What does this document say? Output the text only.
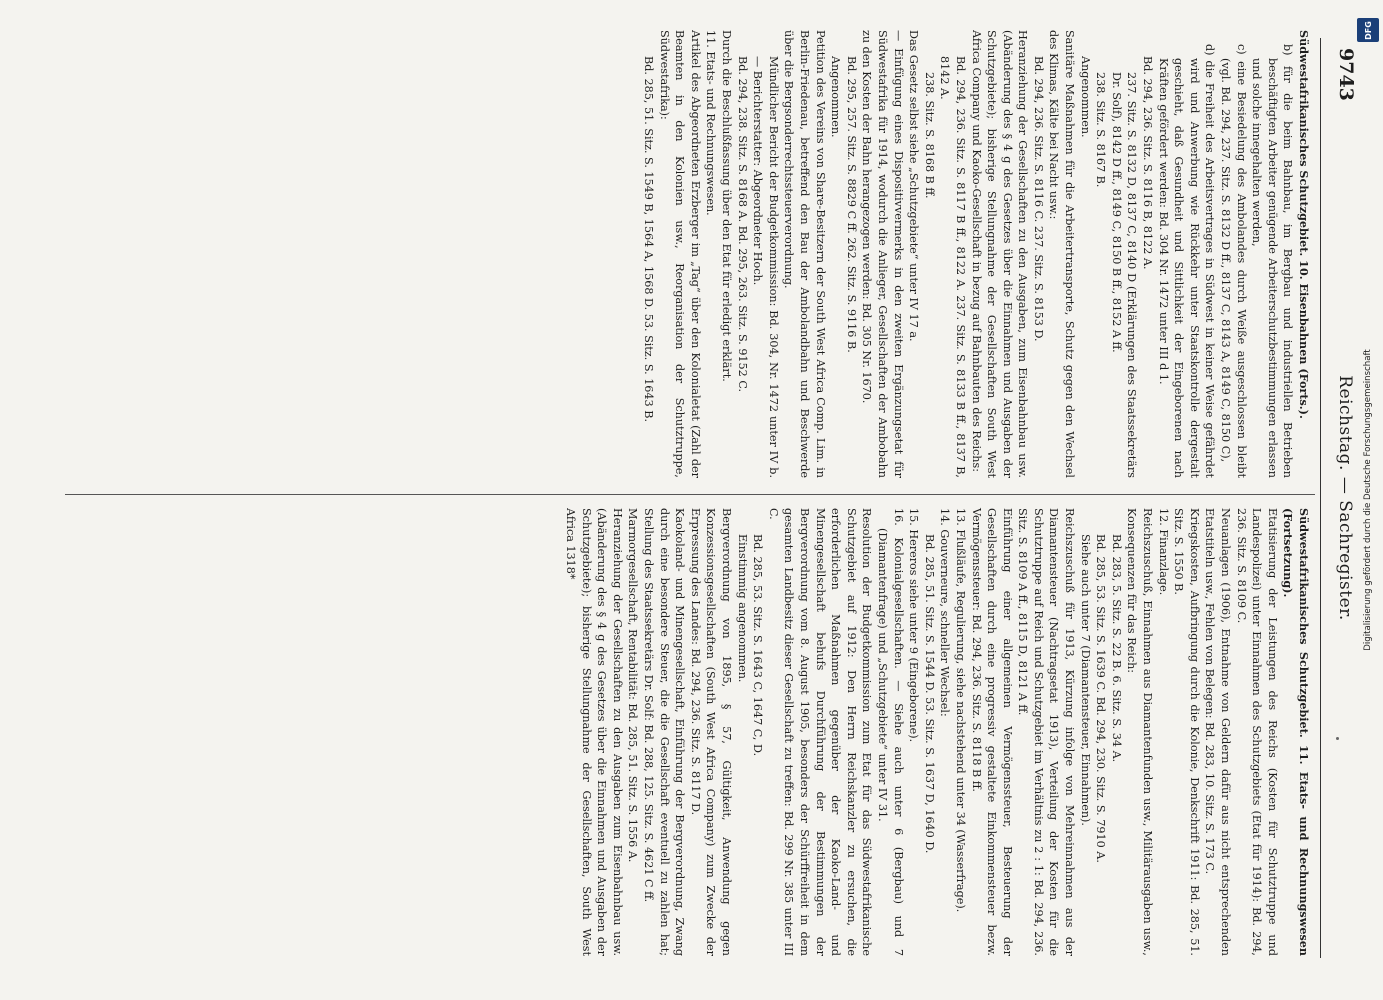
9743
Reichstag. — Sachregister.

Südwestafrikanisches Schutzgebiet. 10. Eisenbahnen (Forts.).

b) für die beim Bahnbau, im Bergbau und industriellen Betrieben beschäftigten Arbeiter genügende Arbeiterschutzbestimmungen erlassen und solche innegehalten werden,

c) eine Besiedelung des Ambolandes durch Weiße ausgeschlossen bleibt (vgl. Bd. 294, 237. Sitz. S. 8132 D ff., 8137 C, 8143 A, 8149 C, 8150 C),

d) die Freiheit des Arbeitsvertrages in Südwest in keiner Weise gefährdet wird und Anwerbung wie Rückkehr unter Staatskontrolle dergestalt geschieht, daß Gesundheit und Sittlichkeit der Eingeborenen nach Kräften gefördert werden: Bd. 304 Nr. 1472 unter III d 1.

Bd. 294, 236. Sitz. S. 8116 B, 8122 A.

237. Sitz. S. 8132 D, 8137 C, 8140 D (Erklärungen des Staatssekretärs Dr. Solf), 8142 D ff., 8149 C, 8150 B ff., 8152 A ff.

238. Sitz. S. 8167 B.

Angenommen.

Sanitäre Maßnahmen für die Arbeitertransporte, Schutz gegen den Wechsel des Klimas, Kälte bei Nacht usw.:

Bd. 294, 236. Sitz. S. 8116 C. 237. Sitz. S. 8153 D.

Heranziehung der Gesellschaften zu den Ausgaben, zum Eisenbahnbau usw. (Abänderung des § 4 g des Gesetzes über die Einnahmen und Ausgaben der Schutzgebiete); bisherige Stellungnahme der Gesellschaften South West Africa Company und Kaoko-Gesellschaft in bezug auf Bahnbauten des Reichs:

Bd. 294, 236. Sitz. S. 8117 B ff., 8122 A. 237. Sitz. S. 8133 B ff., 8137 B, 8142 A.

238. Sitz. S. 8168 B ff.

Das Gesetz selbst siehe „Schutzgebiete“ unter IV 17 a.

— Einfügung eines Dispositivvermerks in den zweiten Ergänzungsetat für Südwestafrika für 1914, wodurch die Anlieger, Gesellschaften der Ambobahn zu den Kosten der Bahn herangezogen werden: Bd. 305 Nr. 1670.

Bd. 295, 257. Sitz. S. 8829 C ff. 262. Sitz. S. 9116 B.

Angenommen.

Petition des Vereins von Share-Besitzern der South West Africa Comp. Lim. in Berlin-Friedenau, betreffend den Bau der Ambolandbahn und Beschwerde über die Bergsonderrechtssteuerverordnung.

Mündlicher Bericht der Budgetkommission: Bd. 304, Nr. 1472 unter IV b. — Berichterstatter: Abgeordneter Hoch.

Bd. 294, 238. Sitz. S. 8168 A. Bd. 295, 263. Sitz. S. 9152 C.

Durch die Beschlußfassung über den Etat für erledigt erklärt.

11. Etats- und Rechnungswesen.

Artikel des Abgeordneten Erzberger im „Tag“ über den Kolonialetat (Zahl der Beamten in den Kolonien usw., Reorganisation der Schutztruppe, Südwestafrika):

Bd. 285, 51. Sitz. S. 1549 B, 1564 A, 1568 D. 53. Sitz. S. 1643 B.

Südwestafrikanisches Schutzgebiet. 11. Etats- und Rechnungswesen (Fortsetzung).

Etatisierung der Leistungen des Reichs (Kosten für Schutztruppe und Landespolizei) unter Einnahmen des Schutzgebiets (Etat für 1914): Bd. 294, 236. Sitz. S. 8109 C.

Neuanlagen (1906), Entnahme von Geldern dafür aus nicht entsprechenden Etatstiteln usw., Fehlen von Belegen: Bd. 283, 10. Sitz. S. 173 C.

Kriegskosten, Aufbringung durch die Kolonie, Denkschrift 1911: Bd. 285, 51. Sitz. S. 1550 B.

12. Finanzlage.

Reichszuschuß, Einnahmen aus Diamantenfunden usw., Militärausgaben usw., Konsequenzen für das Reich:

Bd. 283, 5. Sitz. S. 22 B. 6. Sitz. S. 34 A.

Bd. 285, 53. Sitz. S. 1639 C. Bd. 294, 230. Sitz. S. 7910 A.

Siehe auch unter 7 (Diamantensteuer, Einnahmen).

Reichszuschuß für 1913, Kürzung infolge von Mehreinnahmen aus der Diamantensteuer (Nachtragsetat 1913), Verteilung der Kosten für die Schutztruppe auf Reich und Schutzgebiet im Verhältnis zu 2 : 1: Bd. 294, 236. Sitz. S. 8109 A ff., 8115 D, 8121 A ff.

Einführung einer allgemeinen Vermögenssteuer, Besteuerung der Gesellschaften durch eine progressiv gestaltete Einkommensteuer bezw. Vermögenssteuer: Bd. 294, 236. Sitz. S. 8118 B ff.

13. Flußläufe, Regulierung, siehe nachstehend unter 34 (Wasserfrage).

14. Gouverneure, schneller Wechsel:

Bd. 285, 51. Sitz. S. 1544 D. 53. Sitz. S. 1637 D, 1640 D.

15. Hereros siehe unter 9 (Eingeborene).

16. Kolonialgesellschaften. — Siehe auch unter 6 (Bergbau) und 7 (Diamantenfrage) und „Schutzgebiete“ unter IV 31.

Resolution der Budgetkommission zum Etat für das Südwestafrikanische Schutzgebiet auf 1912: Den Herrn Reichskanzler zu ersuchen, die erforderlichen Maßnahmen gegenüber der Kaoko-Land- und Minengesellschaft behufs Durchführung der Bestimmungen der Bergverordnung vom 8. August 1905, besonders der Schürffreiheit in dem gesamten Landbesitz dieser Gesellschaft zu treffen: Bd. 299 Nr. 385 unter III C.

Bd. 285, 53. Sitz. S. 1643 C, 1647 C, D.

Einstimmig angenommen.

Bergverordnung von 1895, § 57, Gültigkeit, Anwendung gegen Konzessionsgesellschaften (South West Africa Company) zum Zwecke der Erpressung des Landes: Bd. 294, 236. Sitz. S. 8117 D.

Kaokoland- und Minengesellschaft, Einführung der Bergverordnung, Zwang durch eine besondere Steuer, die die Gesellschaft eventuell zu zahlen hat; Stellung des Staatssekretärs Dr. Solf: Bd. 288, 125. Sitz. S. 4621 C ff.

Marmorgesellschaft, Rentabilität: Bd. 285, 51. Sitz. S. 1556 A.

Heranziehung der Gesellschaften zu den Ausgaben zum Eisenbahnbau usw. (Abänderung des § 4 g des Gesetzes über die Einnahmen und Ausgaben der Schutzgebiete); bisherige Stellungnahme der Gesellschaften, South West Africa 1318*

DFG
Digitalisierung gefördert durch die Deutsche Forschungsgemeinschaft
